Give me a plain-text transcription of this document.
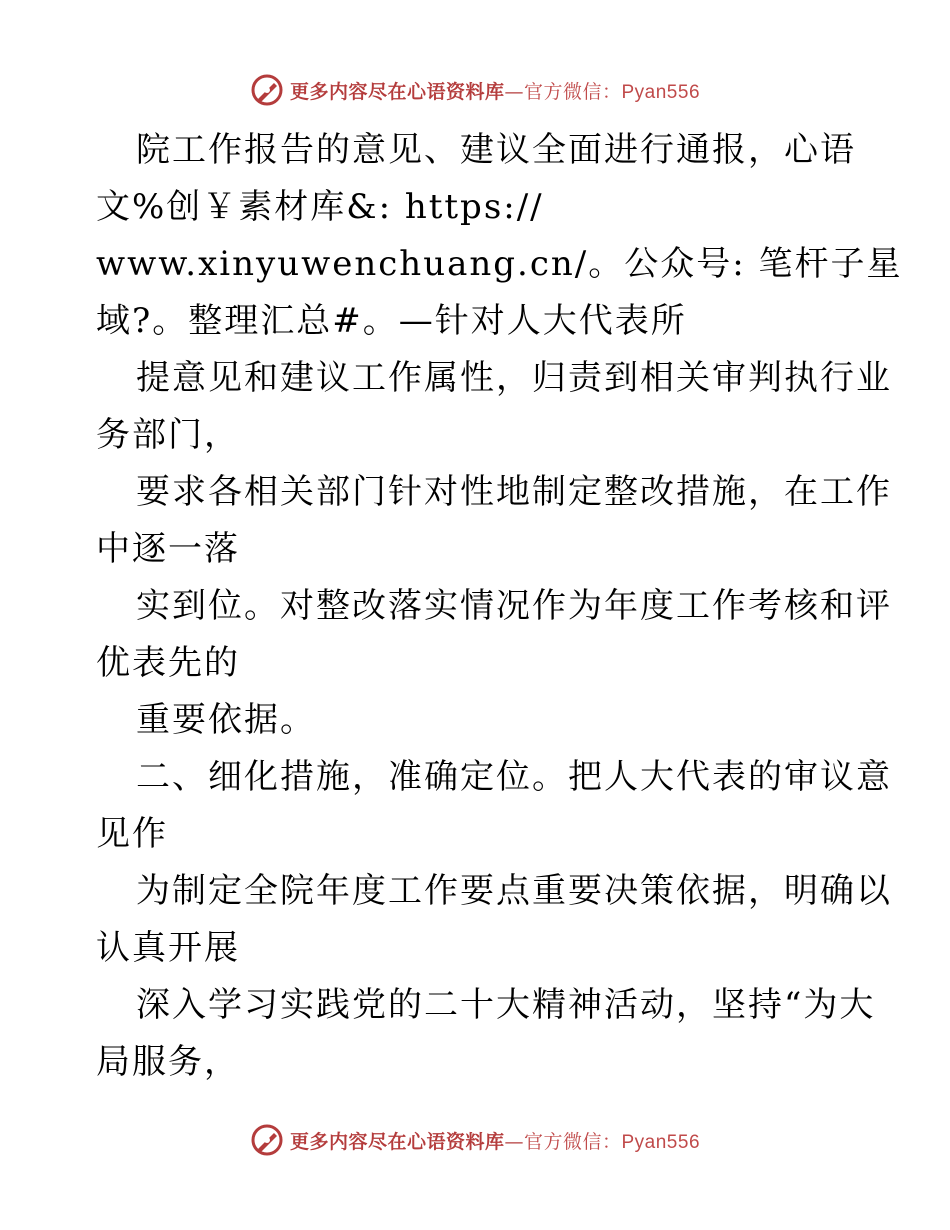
更多内容尽在心语资料库—官方微信：Pyan556
院工作报告的意见、建议全面进行通报，心语
文%创￥素材库&: https://
www.xinyuwenchuang.cn/。公众号: 笔杆子星
域?。整理汇总#。—针对人大代表所
提意见和建议工作属性，归责到相关审判执行业
务部门，
要求各相关部门针对性地制定整改措施，在工作
中逐一落
实到位。对整改落实情况作为年度工作考核和评
优表先的
重要依据。
二、细化措施，准确定位。把人大代表的审议意
见作
为制定全院年度工作要点重要决策依据，明确以
认真开展
深入学习实践党的二十大精神活动，坚持“为大
局服务，
更多内容尽在心语资料库—官方微信：Pyan556
